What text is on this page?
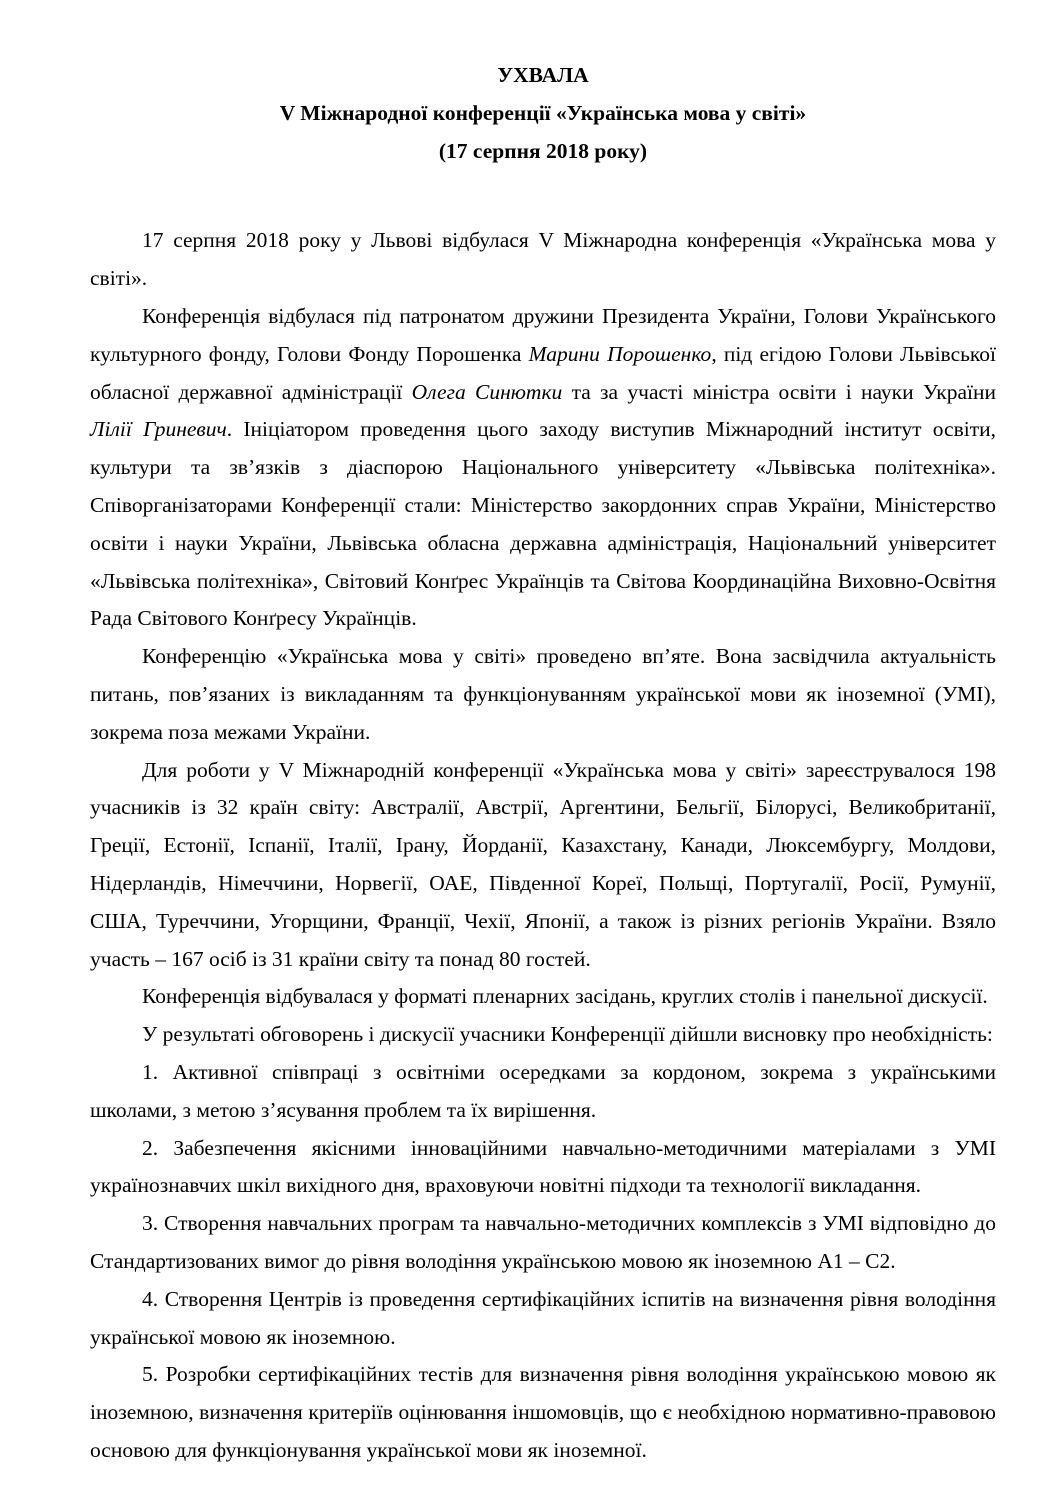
УХВАЛА
V Міжнародної конференції «Українська мова у світі»
(17 серпня 2018 року)

17 серпня 2018 року у Львові відбулася V Міжнародна конференція «Українська мова у світі».

Конференція відбулася під патронатом дружини Президента України, Голови Українського культурного фонду, Голови Фонду Порошенка Марини Порошенко, під егідою Голови Львівської обласної державної адміністрації Олега Синютки та за участі міністра освіти і науки України Лілії Гриневич. Ініціатором проведення цього заходу виступив Міжнародний інститут освіти, культури та зв’язків з діаспорою Національного університету «Львівська політехніка». Співорганізаторами Конференції стали: Міністерство закордонних справ України, Міністерство освіти і науки України, Львівська обласна державна адміністрація, Національний університет «Львівська політехніка», Світовий Конґрес Українців та Світова Координаційна Виховно-Освітня Рада Світового Конґресу Українців.

Конференцію «Українська мова у світі» проведено вп’яте. Вона засвідчила актуальність питань, пов’язаних із викладанням та функціонуванням української мови як іноземної (УМІ), зокрема поза межами України.

Для роботи у V Міжнародній конференції «Українська мова у світі» зареєструвалося 198 учасників із 32 країн світу: Австралії, Австрії, Аргентини, Бельгії, Білорусі, Великобританії, Греції, Естонії, Іспанії, Італії, Ірану, Йорданії, Казахстану, Канади, Люксембургу, Молдови, Нідерландів, Німеччини, Норвегії, ОАЕ, Південної Кореї, Польщі, Португалії, Росії, Румунії, США, Туреччини, Угорщини, Франції, Чехії, Японії, а також із різних регіонів України. Взяло участь – 167 осіб із 31 країни світу та понад 80 гостей.

Конференція відбувалася у форматі пленарних засідань, круглих столів і панельної дискусії.

У результаті обговорень і дискусії учасники Конференції дійшли висновку про необхідність:

1. Активної співпраці з освітніми осередками за кордоном, зокрема з українськими школами, з метою з’ясування проблем та їх вирішення.

2. Забезпечення якісними інноваційними навчально-методичними матеріалами з УМІ українознавчих шкіл вихідного дня, враховуючи новітні підходи та технології викладання.

3. Створення навчальних програм та навчально-методичних комплексів з УМІ відповідно до Стандартизованих вимог до рівня володіння українською мовою як іноземною A1 – C2.

4. Створення Центрів із проведення сертифікаційних іспитів на визначення рівня володіння української мовою як іноземною.

5. Розробки сертифікаційних тестів для визначення рівня володіння українською мовою як іноземною, визначення критеріїв оцінювання іншомовців, що є необхідною нормативно-правовою основою для функціонування української мови як іноземної.
